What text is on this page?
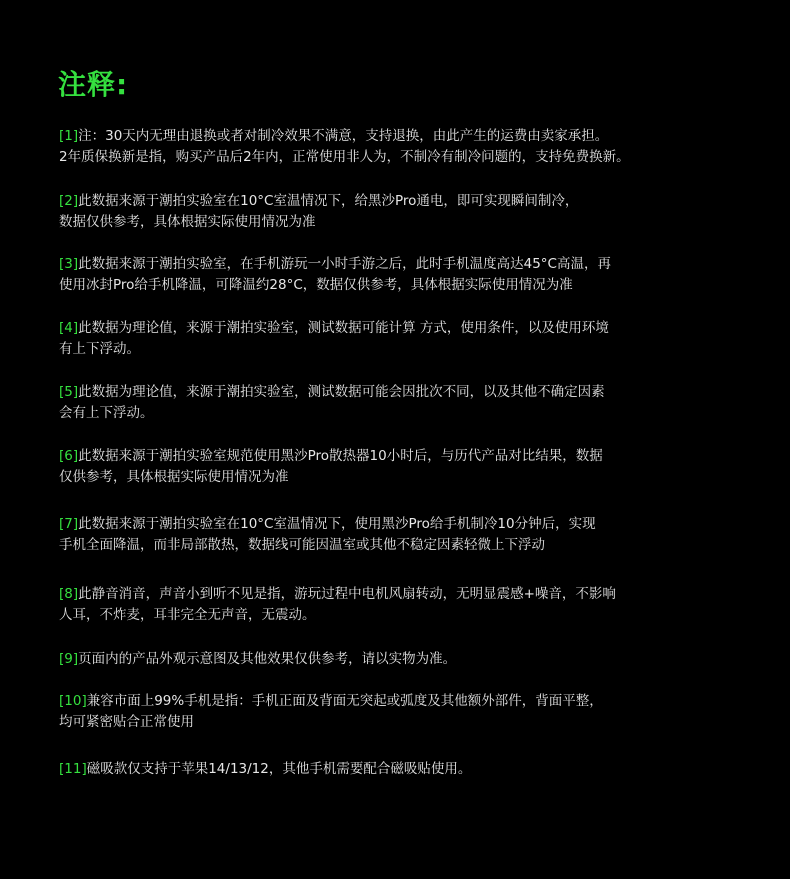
注释:
[1]注：30天内无理由退换或者对制冷效果不满意，支持退换，由此产生的运费由卖家承担。
2年质保换新是指，购买产品后2年内，正常使用非人为，不制冷有制冷问题的，支持免费换新。
[2]此数据来源于潮拍实验室在10°C室温情况下，给黑沙Pro通电，即可实现瞬间制冷，
数据仅供参考，具体根据实际使用情况为准
[3]此数据来源于潮拍实验室，在手机游玩一小时手游之后，此时手机温度高达45°C高温，再
使用冰封Pro给手机降温，可降温约28°C，数据仅供参考，具体根据实际使用情况为准
[4]此数据为理论值，来源于潮拍实验室，测试数据可能计算 方式，使用条件，以及使用环境
有上下浮动。
[5]此数据为理论值，来源于潮拍实验室，测试数据可能会因批次不同，以及其他不确定因素
会有上下浮动。
[6]此数据来源于潮拍实验室规范使用黑沙Pro散热器10小时后，与历代产品对比结果，数据
仅供参考，具体根据实际使用情况为准
[7]此数据来源于潮拍实验室在10°C室温情况下，使用黑沙Pro给手机制冷10分钟后，实现
手机全面降温，而非局部散热，数据线可能因温室或其他不稳定因素轻微上下浮动
[8]此静音消音，声音小到听不见是指，游玩过程中电机风扇转动，无明显震感+噪音，不影响
人耳，不炸麦，耳非完全无声音，无震动。
[9]页面内的产品外观示意图及其他效果仅供参考，请以实物为准。
[10]兼容市面上99%手机是指：手机正面及背面无突起或弧度及其他额外部件，背面平整，
均可紧密贴合正常使用
[11]磁吸款仅支持于苹果14/13/12，其他手机需要配合磁吸贴使用。
